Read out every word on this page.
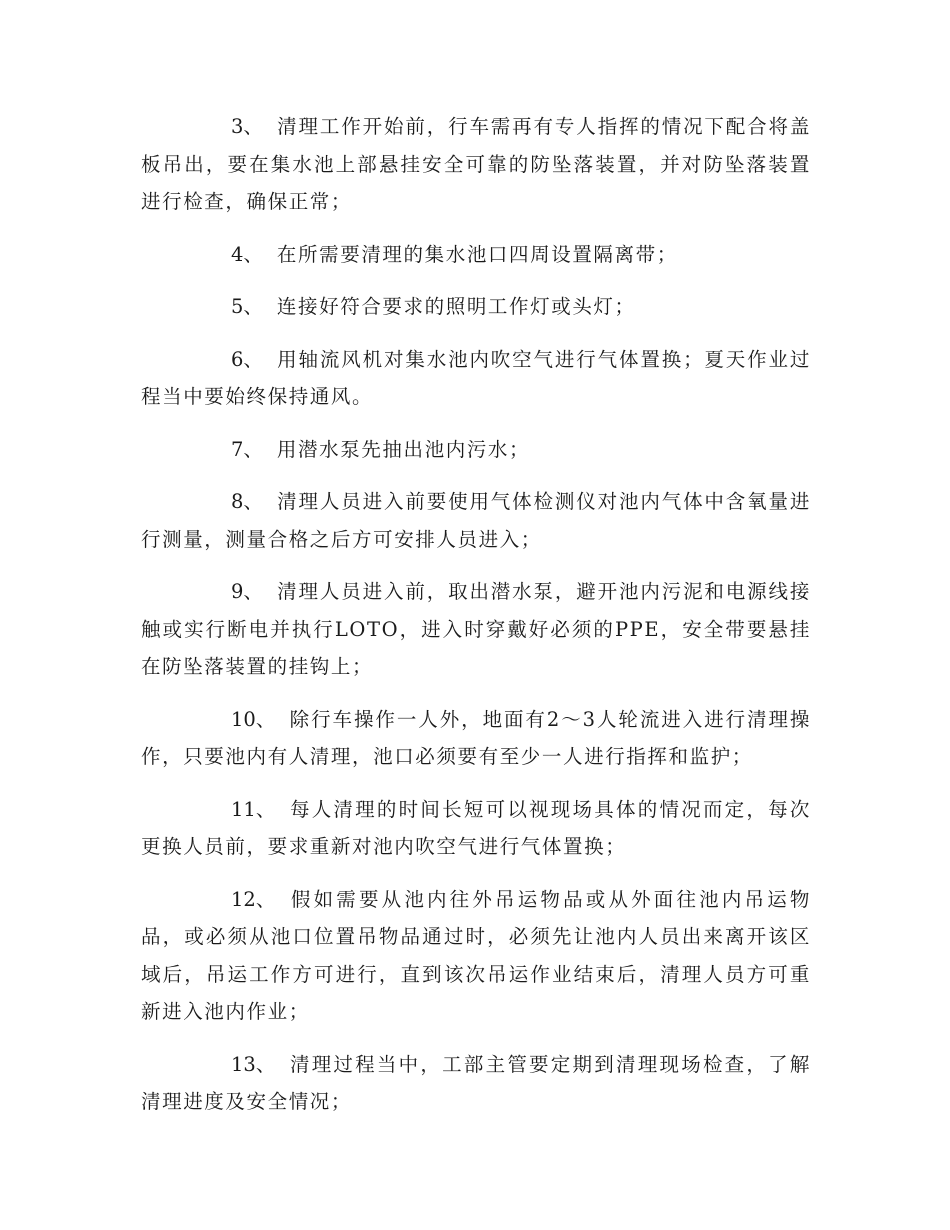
3、 清理工作开始前，行车需再有专人指挥的情况下配合将盖板吊出，要在集水池上部悬挂安全可靠的防坠落装置，并对防坠落装置进行检查，确保正常；

4、 在所需要清理的集水池口四周设置隔离带；

5、 连接好符合要求的照明工作灯或头灯；

6、 用轴流风机对集水池内吹空气进行气体置换；夏天作业过程当中要始终保持通风。

7、 用潜水泵先抽出池内污水；

8、 清理人员进入前要使用气体检测仪对池内气体中含氧量进行测量，测量合格之后方可安排人员进入；

9、 清理人员进入前，取出潜水泵，避开池内污泥和电源线接触或实行断电并执行LOTO，进入时穿戴好必须的PPE，安全带要悬挂在防坠落装置的挂钩上；

10、 除行车操作一人外，地面有2～3人轮流进入进行清理操作，只要池内有人清理，池口必须要有至少一人进行指挥和监护；

11、 每人清理的时间长短可以视现场具体的情况而定，每次更换人员前，要求重新对池内吹空气进行气体置换；

12、 假如需要从池内往外吊运物品或从外面往池内吊运物品，或必须从池口位置吊物品通过时，必须先让池内人员出来离开该区域后，吊运工作方可进行，直到该次吊运作业结束后，清理人员方可重新进入池内作业；

13、 清理过程当中，工部主管要定期到清理现场检查，了解清理进度及安全情况；
